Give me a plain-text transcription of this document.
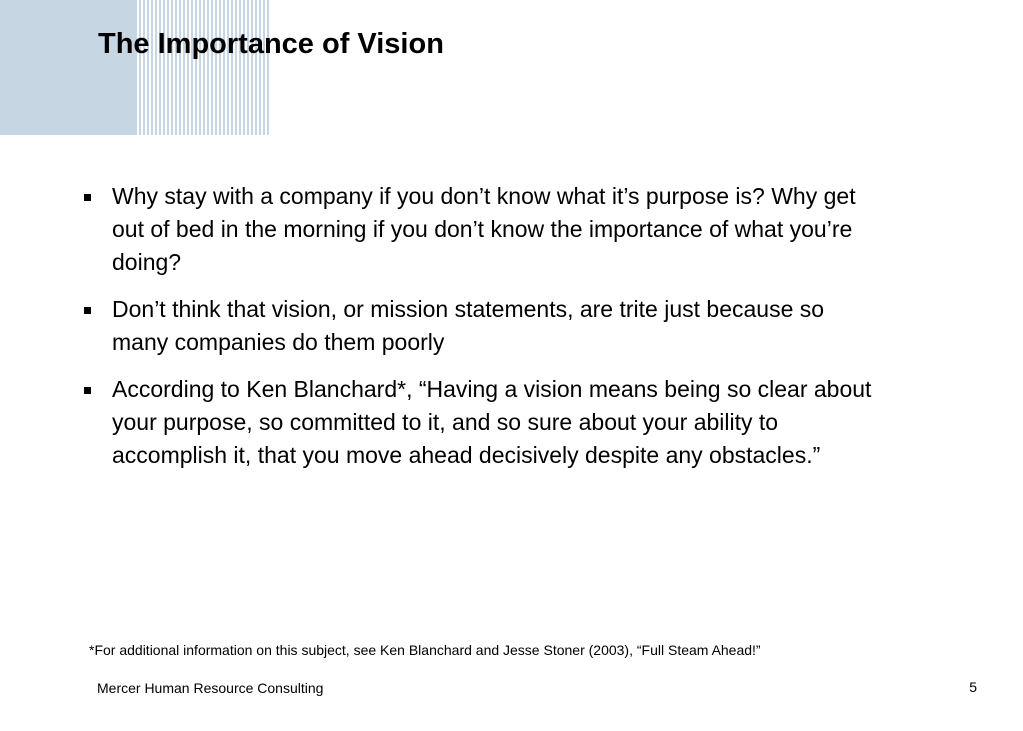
The Importance of Vision
Why stay with a company if you don’t know what it’s purpose is? Why get out of bed in the morning if you don’t know the importance of what you’re doing?
Don’t think that vision, or mission statements, are trite just because so many companies do them poorly
According to Ken Blanchard*, “Having a vision means being so clear about your purpose, so committed to it, and so sure about your ability to accomplish it, that you move ahead decisively despite any obstacles.”
*For additional information on this subject, see Ken Blanchard and Jesse Stoner (2003), “Full Steam Ahead!”
Mercer Human Resource Consulting	5
